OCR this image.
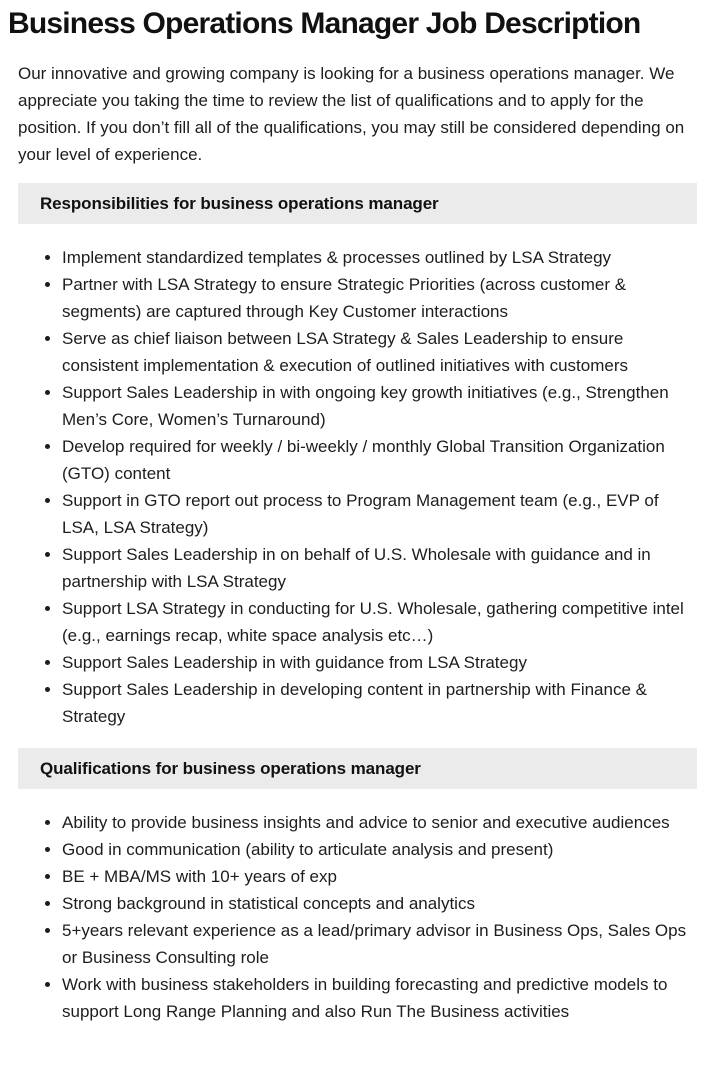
Business Operations Manager Job Description

Our innovative and growing company is looking for a business operations manager. We appreciate you taking the time to review the list of qualifications and to apply for the position. If you don’t fill all of the qualifications, you may still be considered depending on your level of experience.

Responsibilities for business operations manager
Implement standardized templates & processes outlined by LSA Strategy
Partner with LSA Strategy to ensure Strategic Priorities (across customer & segments) are captured through Key Customer interactions
Serve as chief liaison between LSA Strategy & Sales Leadership to ensure consistent implementation & execution of outlined initiatives with customers
Support Sales Leadership in with ongoing key growth initiatives (e.g., Strengthen Men’s Core, Women’s Turnaround)
Develop required for weekly / bi-weekly / monthly Global Transition Organization (GTO) content
Support in GTO report out process to Program Management team (e.g., EVP of LSA, LSA Strategy)
Support Sales Leadership in on behalf of U.S. Wholesale with guidance and in partnership with LSA Strategy
Support LSA Strategy in conducting for U.S. Wholesale, gathering competitive intel (e.g., earnings recap, white space analysis etc…)
Support Sales Leadership in with guidance from LSA Strategy
Support Sales Leadership in developing content in partnership with Finance & Strategy
Qualifications for business operations manager
Ability to provide business insights and advice to senior and executive audiences
Good in communication (ability to articulate analysis and present)
BE + MBA/MS with 10+ years of exp
Strong background in statistical concepts and analytics
5+years relevant experience as a lead/primary advisor in Business Ops, Sales Ops or Business Consulting role
Work with business stakeholders in building forecasting and predictive models to support Long Range Planning and also Run The Business activities
